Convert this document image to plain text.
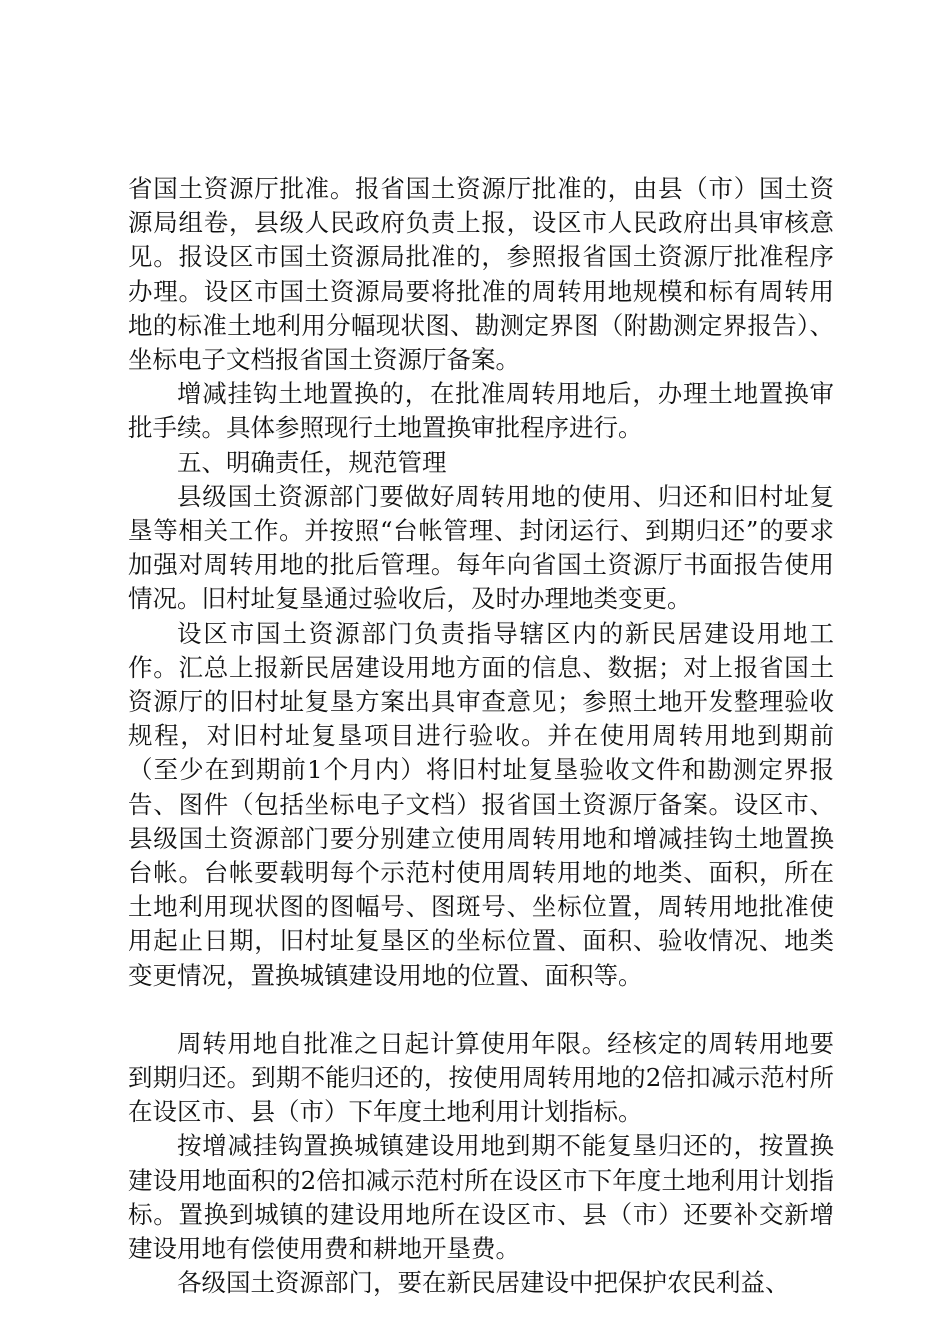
省国土资源厅批准。报省国土资源厅批准的，由县（市）国土资源局组卷，县级人民政府负责上报，设区市人民政府出具审核意见。报设区市国土资源局批准的，参照报省国土资源厅批准程序办理。设区市国土资源局要将批准的周转用地规模和标有周转用地的标准土地利用分幅现状图、勘测定界图（附勘测定界报告）、坐标电子文档报省国土资源厅备案。

增减挂钩土地置换的，在批准周转用地后，办理土地置换审批手续。具体参照现行土地置换审批程序进行。

五、明确责任，规范管理

县级国土资源部门要做好周转用地的使用、归还和旧村址复垦等相关工作。并按照“台帐管理、封闭运行、到期归还”的要求加强对周转用地的批后管理。每年向省国土资源厅书面报告使用情况。旧村址复垦通过验收后，及时办理地类变更。

设区市国土资源部门负责指导辖区内的新民居建设用地工作。汇总上报新民居建设用地方面的信息、数据；对上报省国土资源厅的旧村址复垦方案出具审查意见；参照土地开发整理验收规程，对旧村址复垦项目进行验收。并在使用周转用地到期前（至少在到期前1个月内）将旧村址复垦验收文件和勘测定界报告、图件（包括坐标电子文档）报省国土资源厅备案。设区市、县级国土资源部门要分别建立使用周转用地和增减挂钩土地置换台帐。台帐要载明每个示范村使用周转用地的地类、面积，所在土地利用现状图的图幅号、图斑号、坐标位置，周转用地批准使用起止日期，旧村址复垦区的坐标位置、面积、验收情况、地类变更情况，置换城镇建设用地的位置、面积等。

周转用地自批准之日起计算使用年限。经核定的周转用地要到期归还。到期不能归还的，按使用周转用地的2倍扣减示范村所在设区市、县（市）下年度土地利用计划指标。

按增减挂钩置换城镇建设用地到期不能复垦归还的，按置换建设用地面积的2倍扣减示范村所在设区市下年度土地利用计划指标。置换到城镇的建设用地所在设区市、县（市）还要补交新增建设用地有偿使用费和耕地开垦费。

各级国土资源部门，要在新民居建设中把保护农民利益、
